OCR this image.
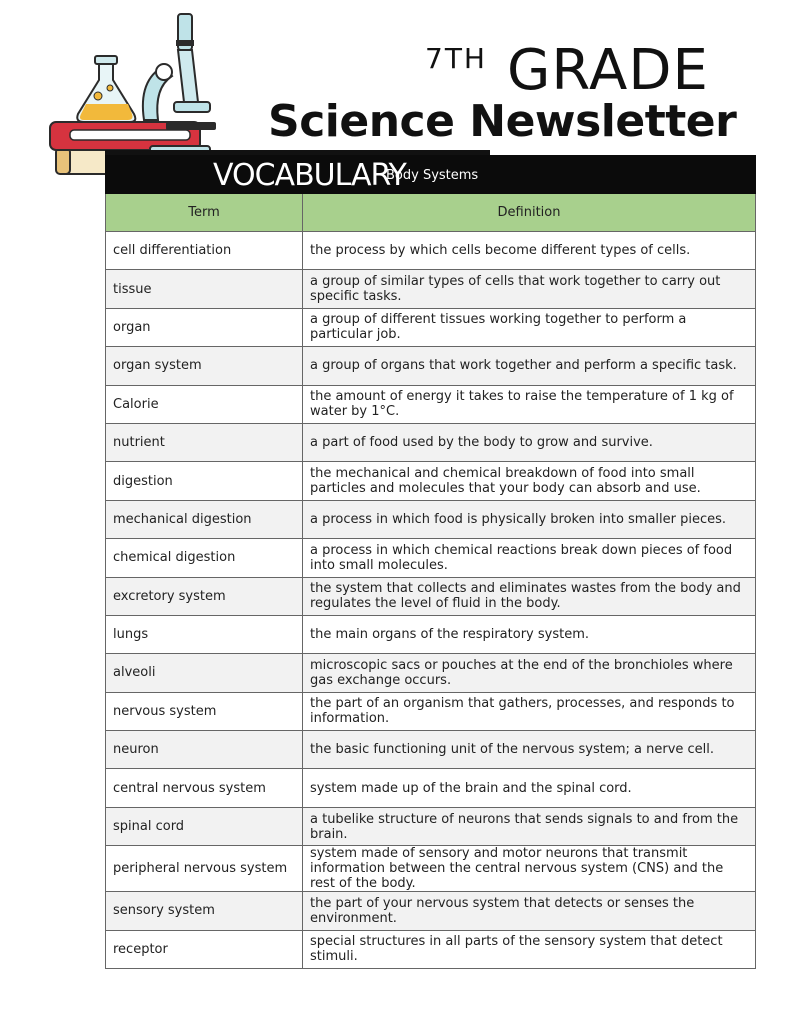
7TH GRADE
Science Newsletter
VOCABULARY
Body Systems	

Term	Definition
cell differentiation	the process by which cells become different types of cells.
tissue	a group of similar types of cells that work together to carry out specific tasks.
organ	a group of different tissues working together to perform a particular job.
organ system	a group of organs that work together and perform a specific task.
Calorie	the amount of energy it takes to raise the temperature of 1 kg of water by 1°C.
nutrient	a part of food used by the body to grow and survive.
digestion	the mechanical and chemical breakdown of food into small particles and molecules that your body can absorb and use.
mechanical digestion	a process in which food is physically broken into smaller pieces.
chemical digestion	a process in which chemical reactions break down pieces of food into small molecules.
excretory system	the system that collects and eliminates wastes from the body and regulates the level of fluid in the body.
lungs	the main organs of the respiratory system.
alveoli	microscopic sacs or pouches at the end of the bronchioles where gas exchange occurs.
nervous system	the part of an organism that gathers, processes, and responds to information.
neuron	the basic functioning unit of the nervous system; a nerve cell.
central nervous system	system made up of the brain and the spinal cord.
spinal cord	a tubelike structure of neurons that sends signals to and from the brain.
peripheral nervous system	system made of sensory and motor neurons that transmit information between the central nervous system (CNS) and the rest of the body.
sensory system	the part of your nervous system that detects or senses the environment.
receptor	special structures in all parts of the sensory system that detect stimuli.
